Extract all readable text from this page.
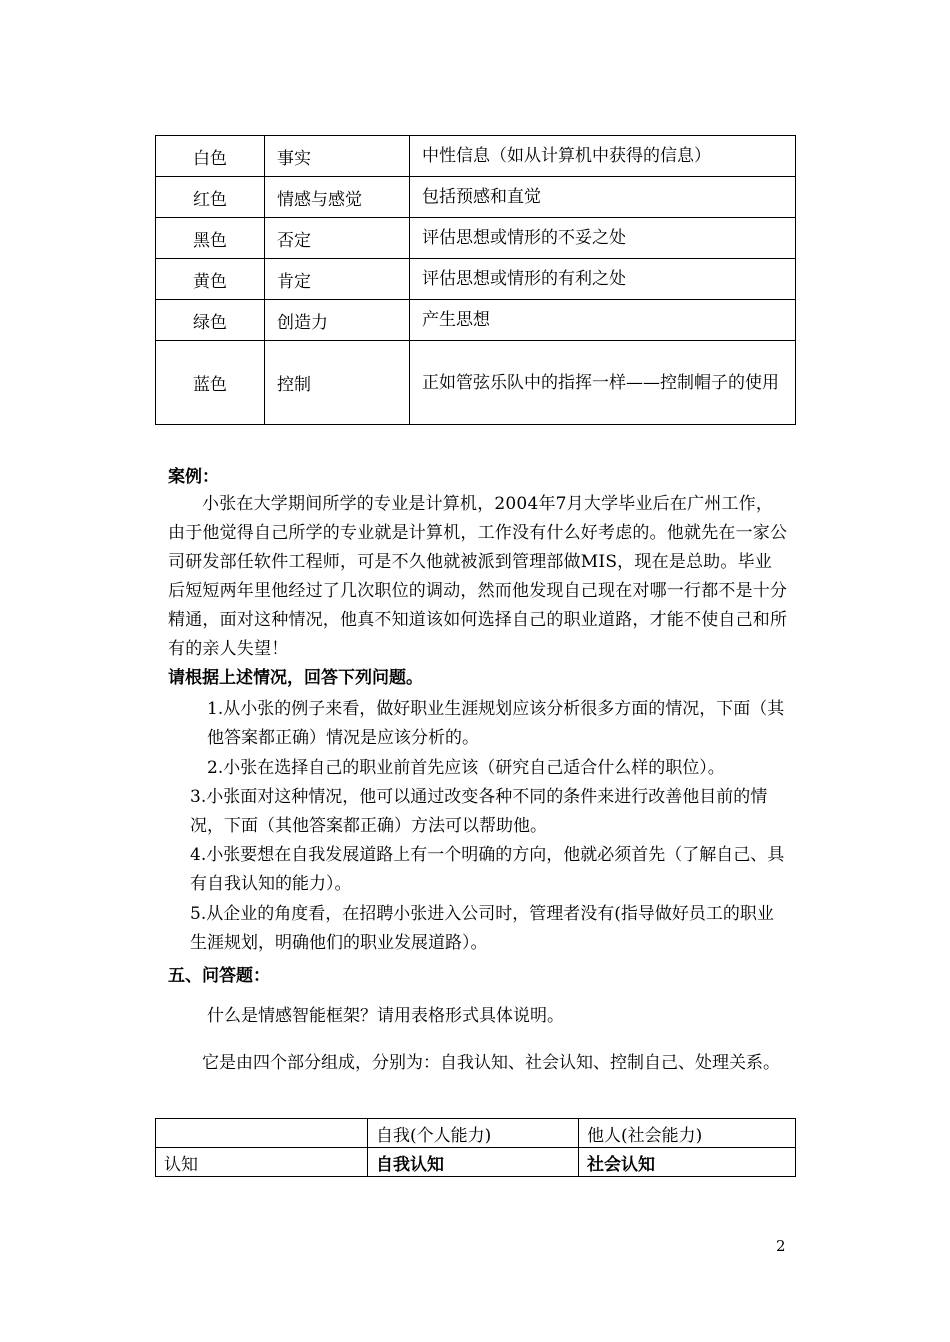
白色	事实	中性信息（如从计算机中获得的信息）
红色	情感与感觉	包括预感和直觉
黑色	否定	评估思想或情形的不妥之处
黄色	肯定	评估思想或情形的有利之处
绿色	创造力	产生思想
蓝色	控制	正如管弦乐队中的指挥一样——控制帽子的使用
案例：
小张在大学期间所学的专业是计算机，2004年7月大学毕业后在广州工作，由于他觉得自己所学的专业就是计算机，工作没有什么好考虑的。他就先在一家公司研发部任软件工程师，可是不久他就被派到管理部做MIS，现在是总助。毕业后短短两年里他经过了几次职位的调动，然而他发现自己现在对哪一行都不是十分精通，面对这种情况，他真不知道该如何选择自己的职业道路，才能不使自己和所有的亲人失望！
请根据上述情况，回答下列问题。
1.从小张的例子来看，做好职业生涯规划应该分析很多方面的情况，下面（其他答案都正确）情况是应该分析的。
2.小张在选择自己的职业前首先应该（研究自己适合什么样的职位）。
3.小张面对这种情况，他可以通过改变各种不同的条件来进行改善他目前的情况，下面（其他答案都正确）方法可以帮助他。
4.小张要想在自我发展道路上有一个明确的方向，他就必须首先（了解自己、具有自我认知的能力）。
5.从企业的角度看，在招聘小张进入公司时，管理者没有(指导做好员工的职业生涯规划，明确他们的职业发展道路）。
五、问答题：
什么是情感智能框架？请用表格形式具体说明。
它是由四个部分组成，分别为：自我认知、社会认知、控制自己、处理关系。
	自我(个人能力)	他人(社会能力)
认知	自我认知	社会认知
2
